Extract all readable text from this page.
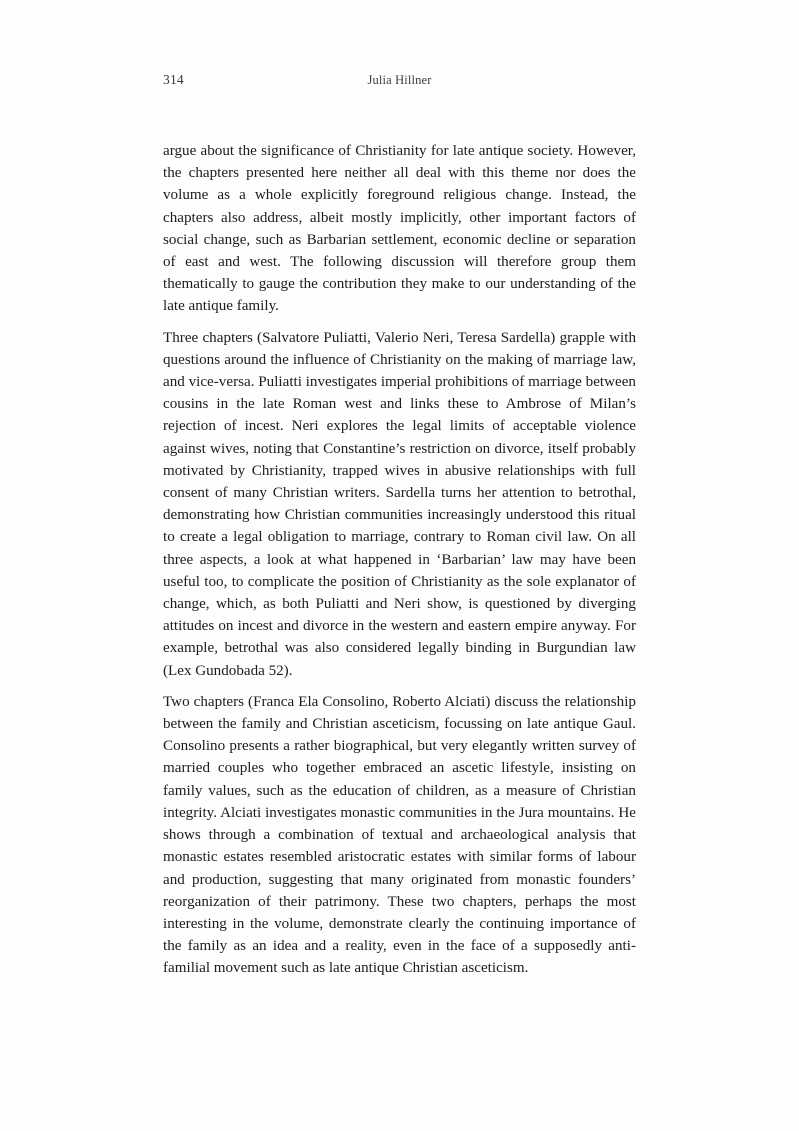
314	Julia Hillner

argue about the significance of Christianity for late antique society. However, the chapters presented here neither all deal with this theme nor does the volume as a whole explicitly foreground religious change. Instead, the chapters also address, albeit mostly implicitly, other important factors of social change, such as Barbarian settlement, economic decline or separation of east and west. The following discussion will therefore group them thematically to gauge the contribution they make to our understanding of the late antique family.

Three chapters (Salvatore Puliatti, Valerio Neri, Teresa Sardella) grapple with questions around the influence of Christianity on the making of marriage law, and vice-versa. Puliatti investigates imperial prohibitions of marriage between cousins in the late Roman west and links these to Ambrose of Milan’s rejection of incest. Neri explores the legal limits of acceptable violence against wives, noting that Constantine’s restriction on divorce, itself probably motivated by Christianity, trapped wives in abusive relationships with full consent of many Christian writers. Sardella turns her attention to betrothal, demonstrating how Christian communities increasingly understood this ritual to create a legal obligation to marriage, contrary to Roman civil law. On all three aspects, a look at what happened in ‘Barbarian’ law may have been useful too, to complicate the position of Christianity as the sole explanator of change, which, as both Puliatti and Neri show, is questioned by diverging attitudes on incest and divorce in the western and eastern empire anyway. For example, betrothal was also considered legally binding in Burgundian law (Lex Gundobada 52).

Two chapters (Franca Ela Consolino, Roberto Alciati) discuss the relationship between the family and Christian asceticism, focussing on late antique Gaul. Consolino presents a rather biographical, but very elegantly written survey of married couples who together embraced an ascetic lifestyle, insisting on family values, such as the education of children, as a measure of Christian integrity. Alciati investigates monastic communities in the Jura mountains. He shows through a combination of textual and archaeological analysis that monastic estates resembled aristocratic estates with similar forms of labour and production, suggesting that many originated from monastic founders’ reorganization of their patrimony. These two chapters, perhaps the most interesting in the volume, demonstrate clearly the continuing importance of the family as an idea and a reality, even in the face of a supposedly anti-familial movement such as late antique Christian asceticism.
